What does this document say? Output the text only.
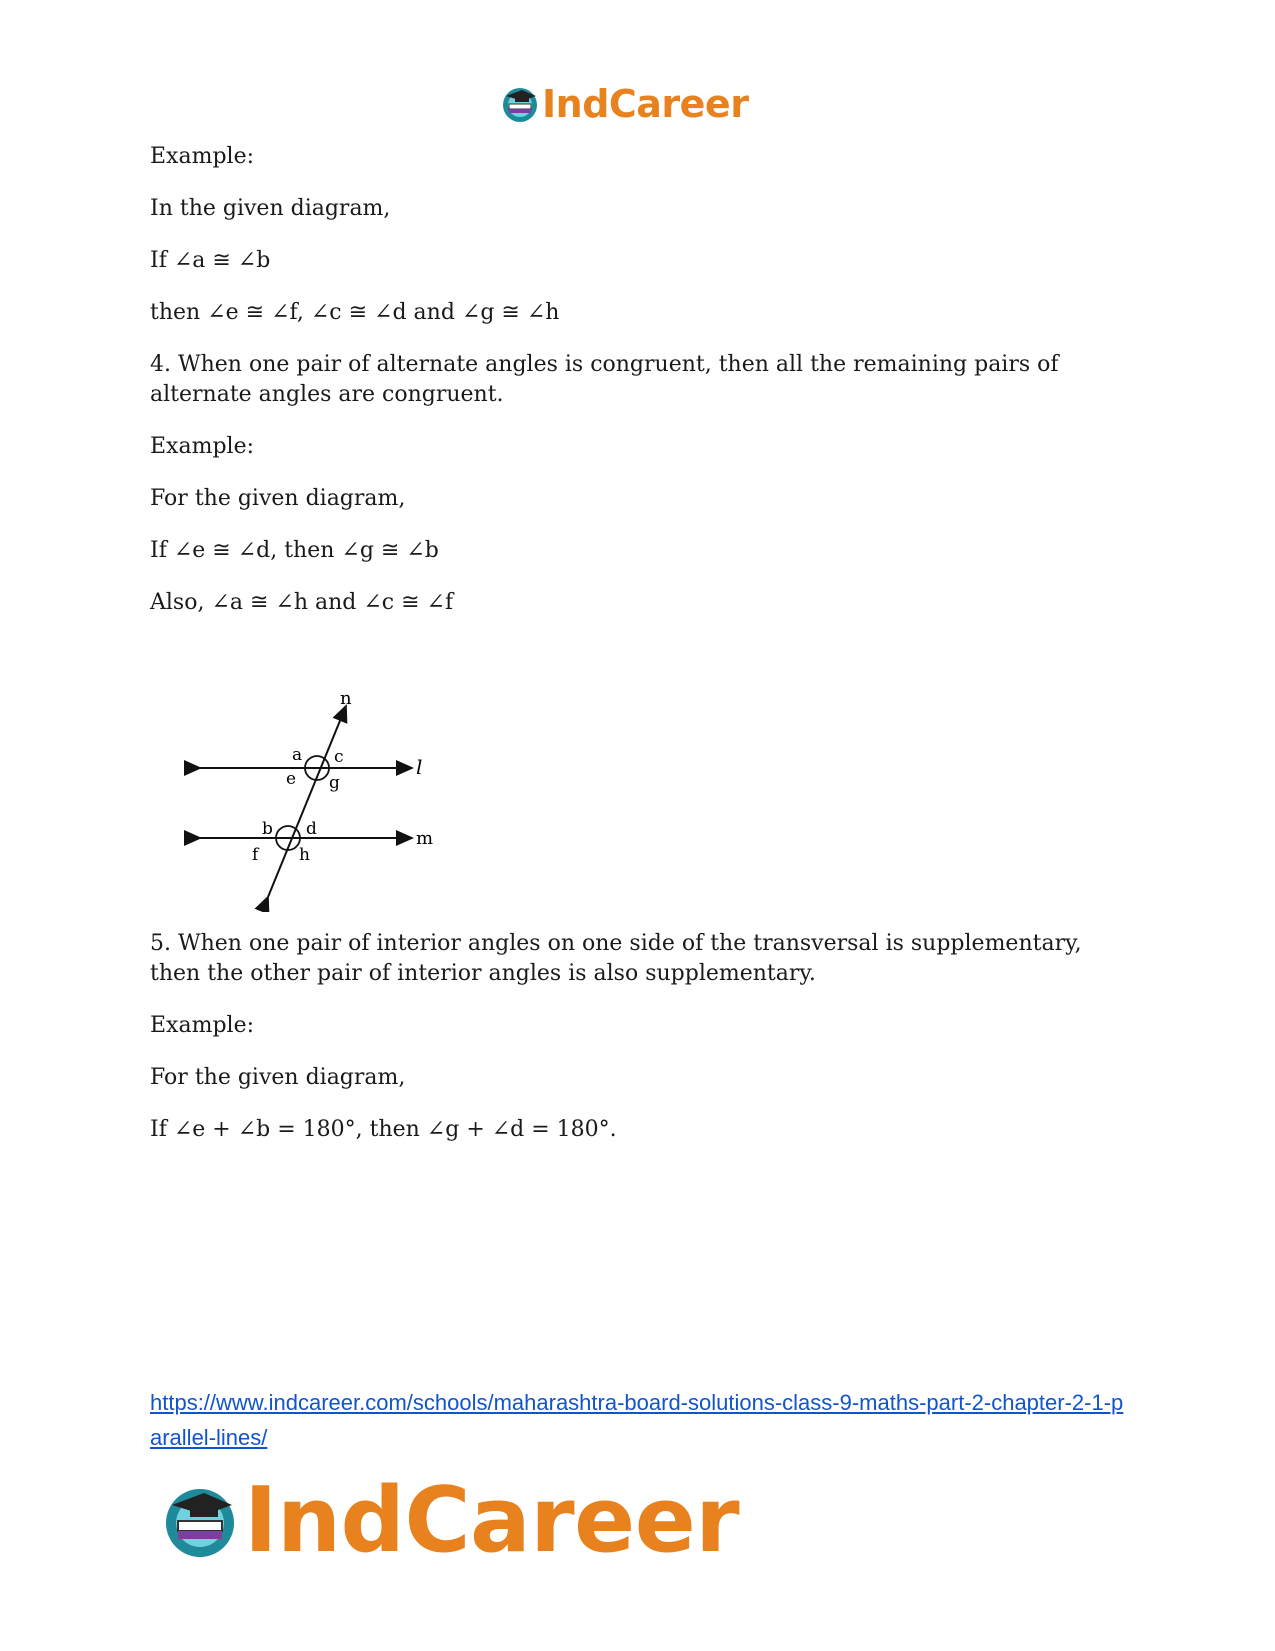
IndCareer

Example:

In the given diagram,

If ∠a ≅ ∠b

then ∠e ≅ ∠f, ∠c ≅ ∠d and ∠g ≅ ∠h

4. When one pair of alternate angles is congruent, then all the remaining pairs of alternate angles are congruent.

Example:

For the given diagram,

If ∠e ≅ ∠d, then ∠g ≅ ∠b

Also, ∠a ≅ ∠h and ∠c ≅ ∠f

n
l
m
a c
e g
b d
f h

5. When one pair of interior angles on one side of the transversal is supplementary, then the other pair of interior angles is also supplementary.

Example:

For the given diagram,

If ∠e + ∠b = 180°, then ∠g + ∠d = 180°.

https://www.indcareer.com/schools/maharashtra-board-solutions-class-9-maths-part-2-chapter-2-1-parallel-lines/
IndCareer
